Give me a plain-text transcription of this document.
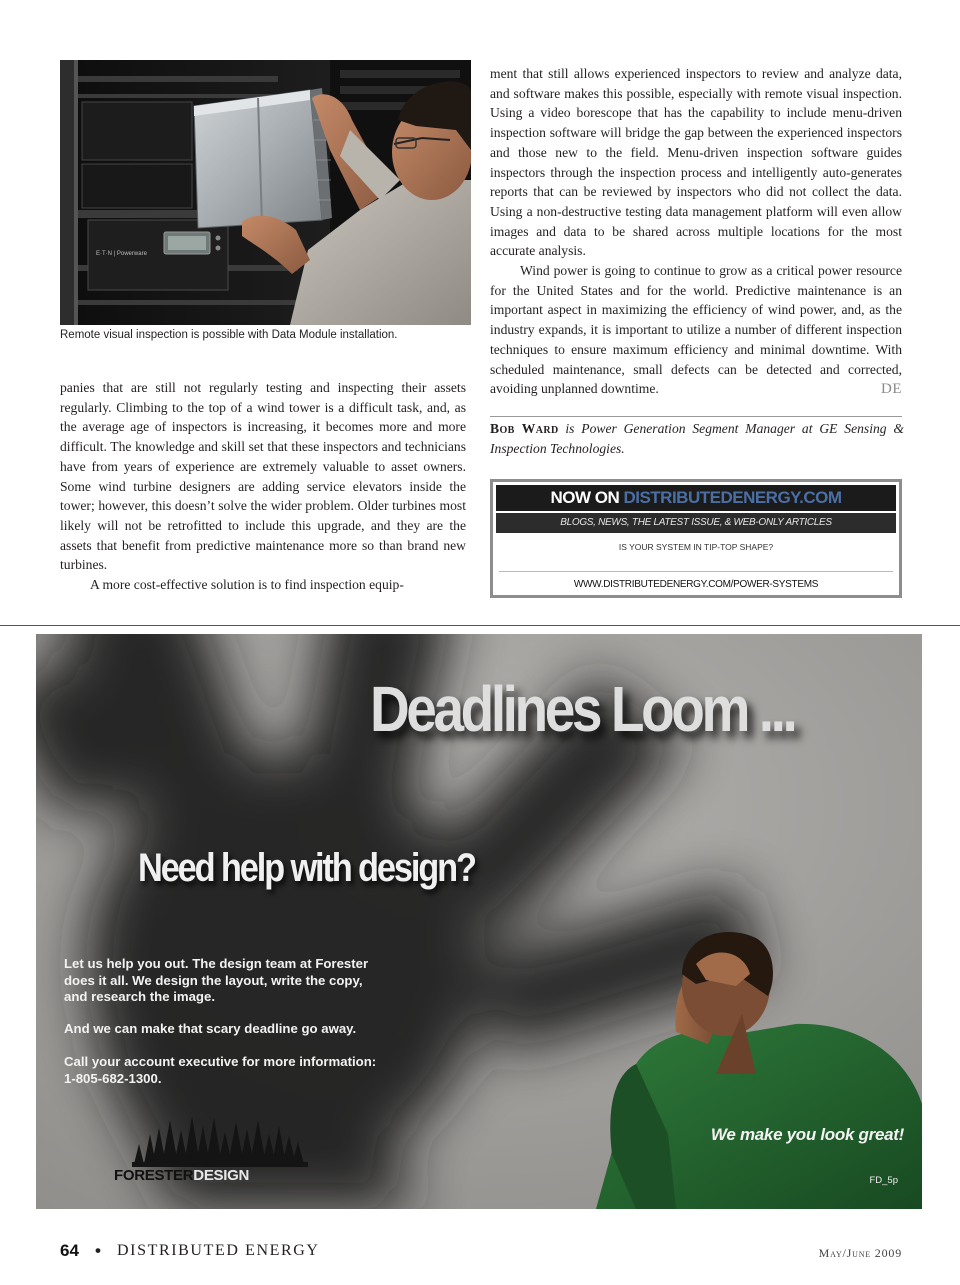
E·T·N | Powerware
Remote visual inspection is possible with Data Module installation.

panies that are still not regularly testing and inspecting their assets regularly. Climbing to the top of a wind tower is a difficult task, and, as the average age of inspectors is increasing, it becomes more and more difficult. The knowledge and skill set that these inspectors and technicians have from years of experience are extremely valuable to asset owners. Some wind turbine designers are adding service elevators inside the tower; however, this doesn’t solve the wider problem. Older turbines most likely will not be retrofitted to include this upgrade, and they are the assets that benefit from predictive maintenance more so than brand new turbines.

A more cost-effective solution is to find inspection equip-

ment that still allows experienced inspectors to review and analyze data, and software makes this possible, especially with remote visual inspection. Using a video borescope that has the capability to include menu-driven inspection software will bridge the gap between the experienced inspectors and those new to the field. Menu-driven inspection software guides inspectors through the inspection process and intelligently auto-generates reports that can be reviewed by inspectors who did not collect the data. Using a non-destructive testing data management platform will even allow images and data to be shared across multiple locations for the most accurate analysis.

Wind power is going to continue to grow as a critical power resource for the United States and for the world. Predictive maintenance is an important aspect in maximizing the efficiency of wind power, and, as the industry expands, it is important to utilize a number of different inspection techniques to ensure maximum efficiency and minimal downtime. With scheduled maintenance, small defects can be detected and corrected, avoiding unplanned downtime.	DE

Bob Ward is Power Generation Segment Manager at GE Sensing & Inspection Technologies.
NOW ON DISTRIBUTEDENERGY.COM
BLOGS, NEWS, THE LATEST ISSUE, & WEB-ONLY ARTICLES
IS YOUR SYSTEM IN TIP-TOP SHAPE?
WWW.DISTRIBUTEDENERGY.COM/POWER-SYSTEMS
Deadlines Loom ...
Need help with design?
Let us help you out. The design team at Forester
does it all. We design the layout, write the copy,
and research the image.
And we can make that scary deadline go away.
Call your account executive for more information:
1-805-682-1300.
FORESTERDESIGN
We make you look great!
FD_5p
64 • DISTRIBUTED ENERGY	May/June 2009
